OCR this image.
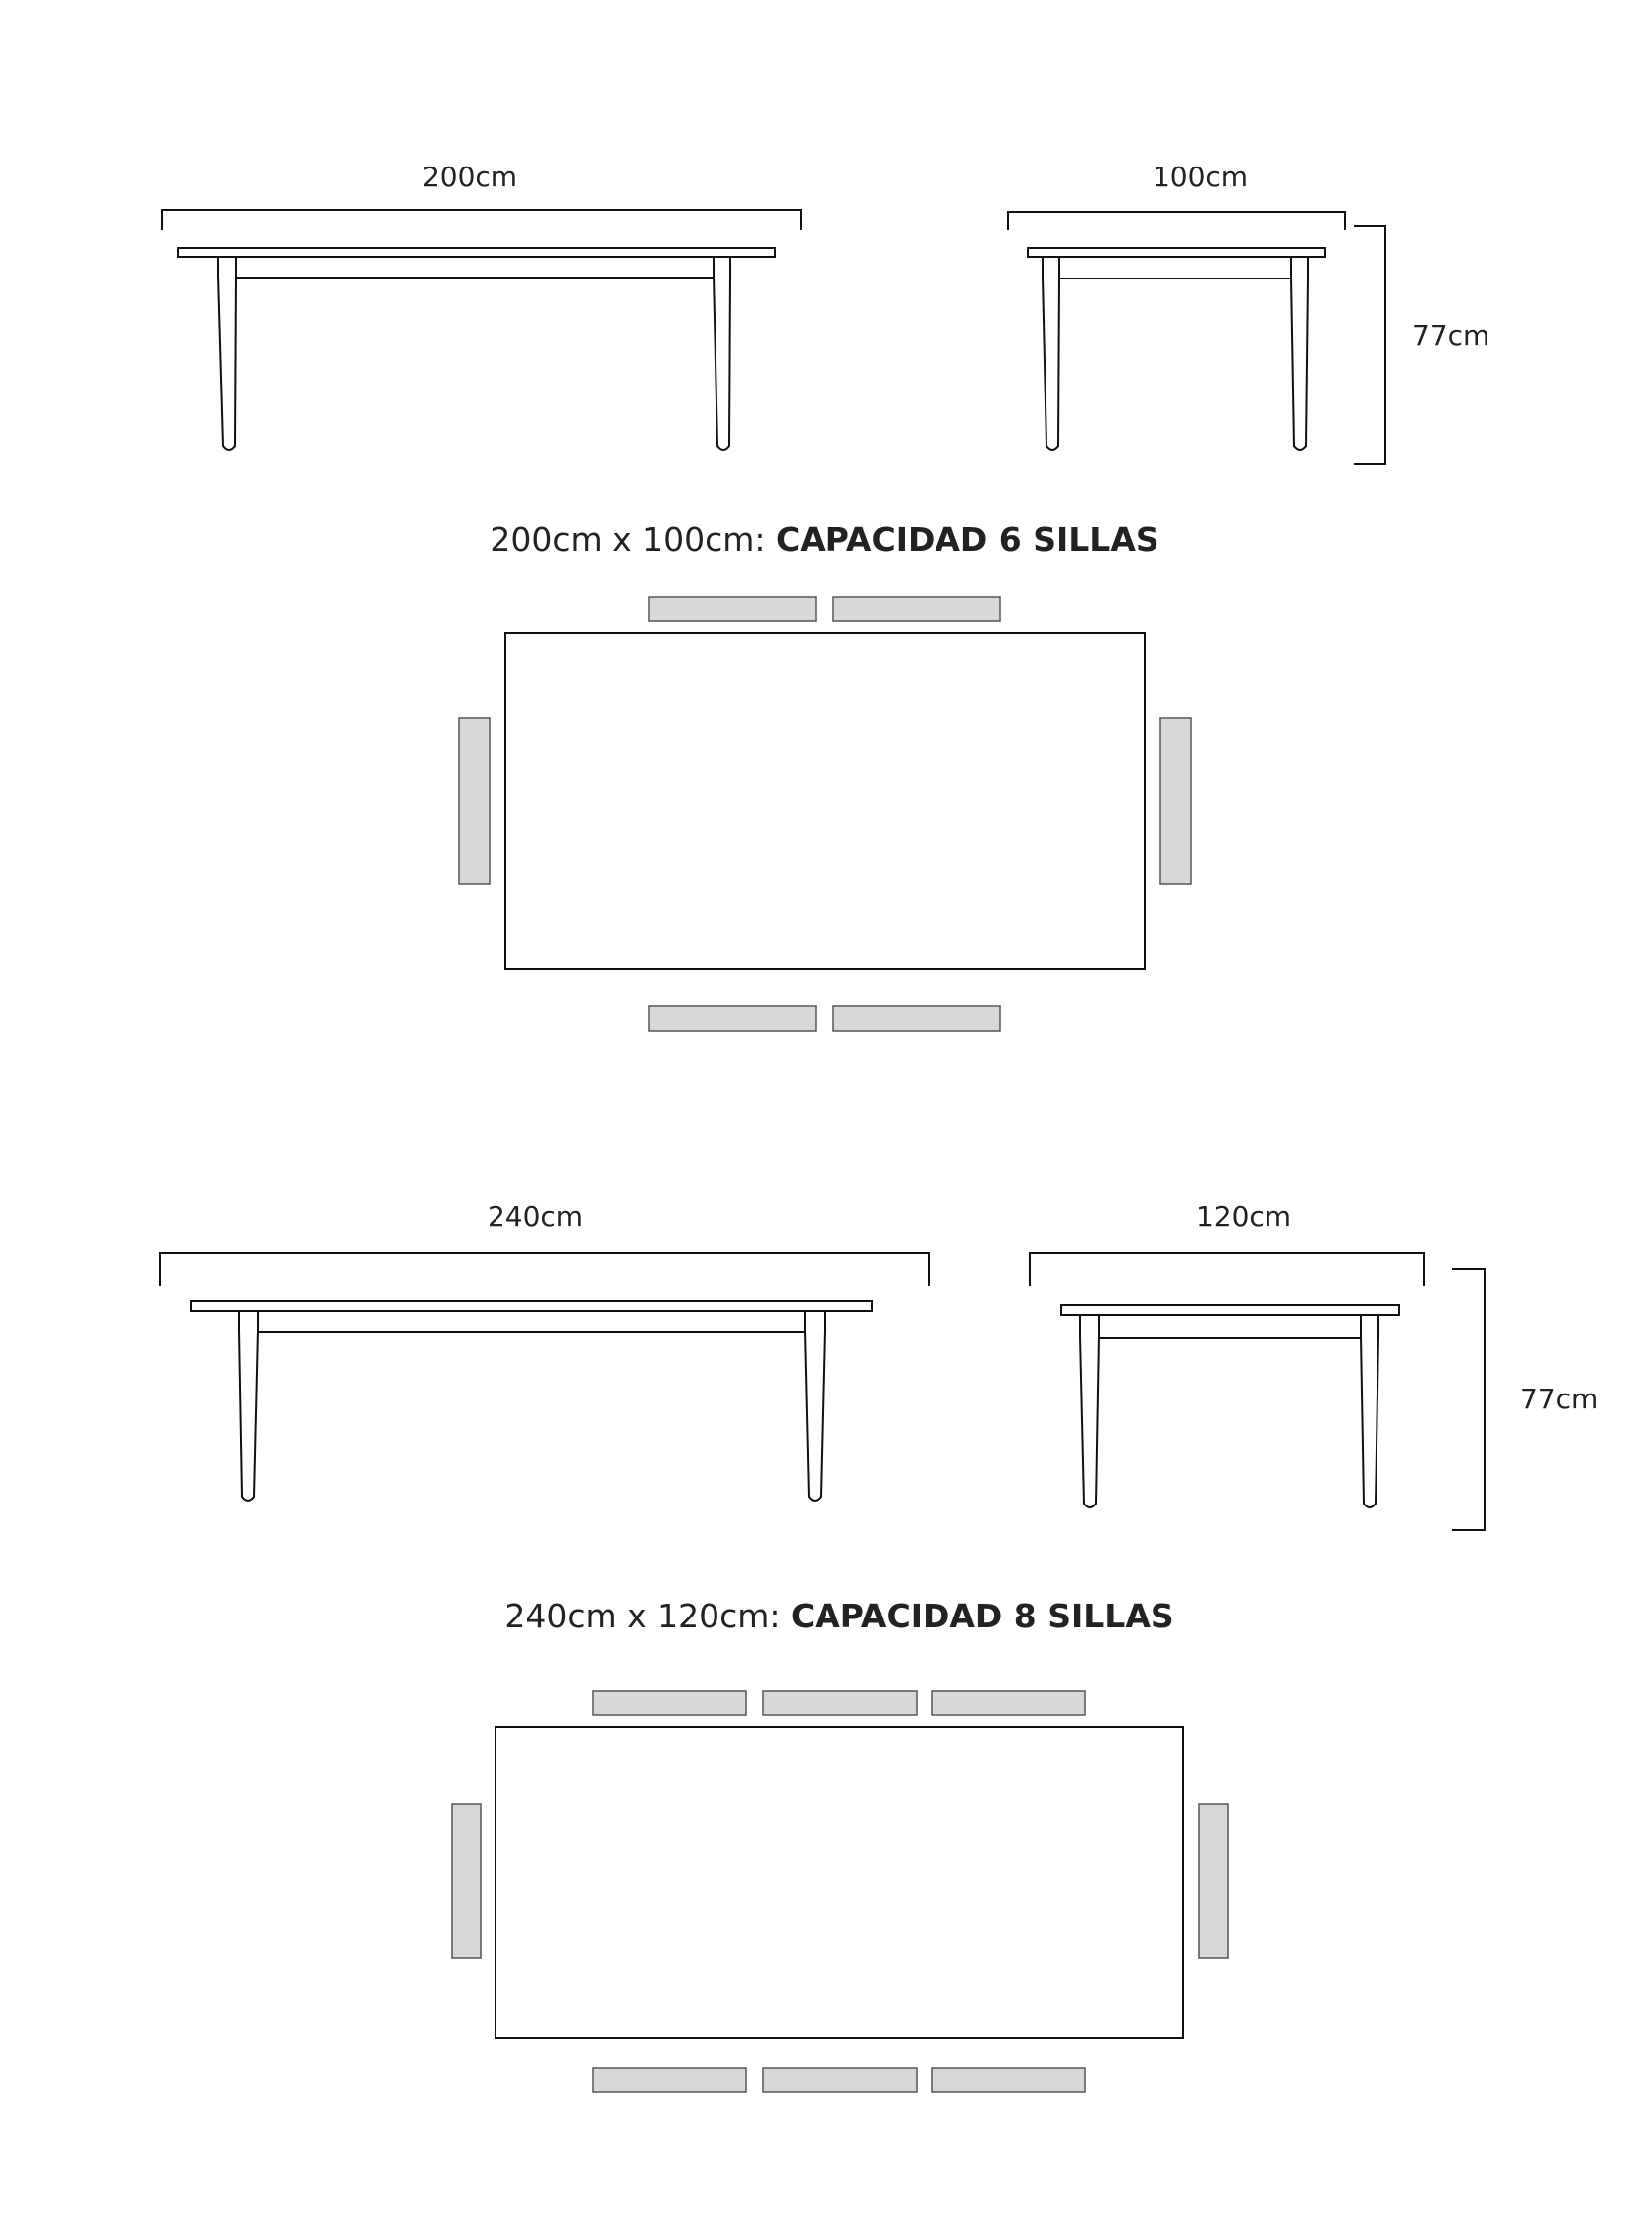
200cm	100cm
77cm
200cm x 100cm: CAPACIDAD 6 SILLAS
240cm	120cm
77cm
240cm x 120cm: CAPACIDAD 8 SILLAS
